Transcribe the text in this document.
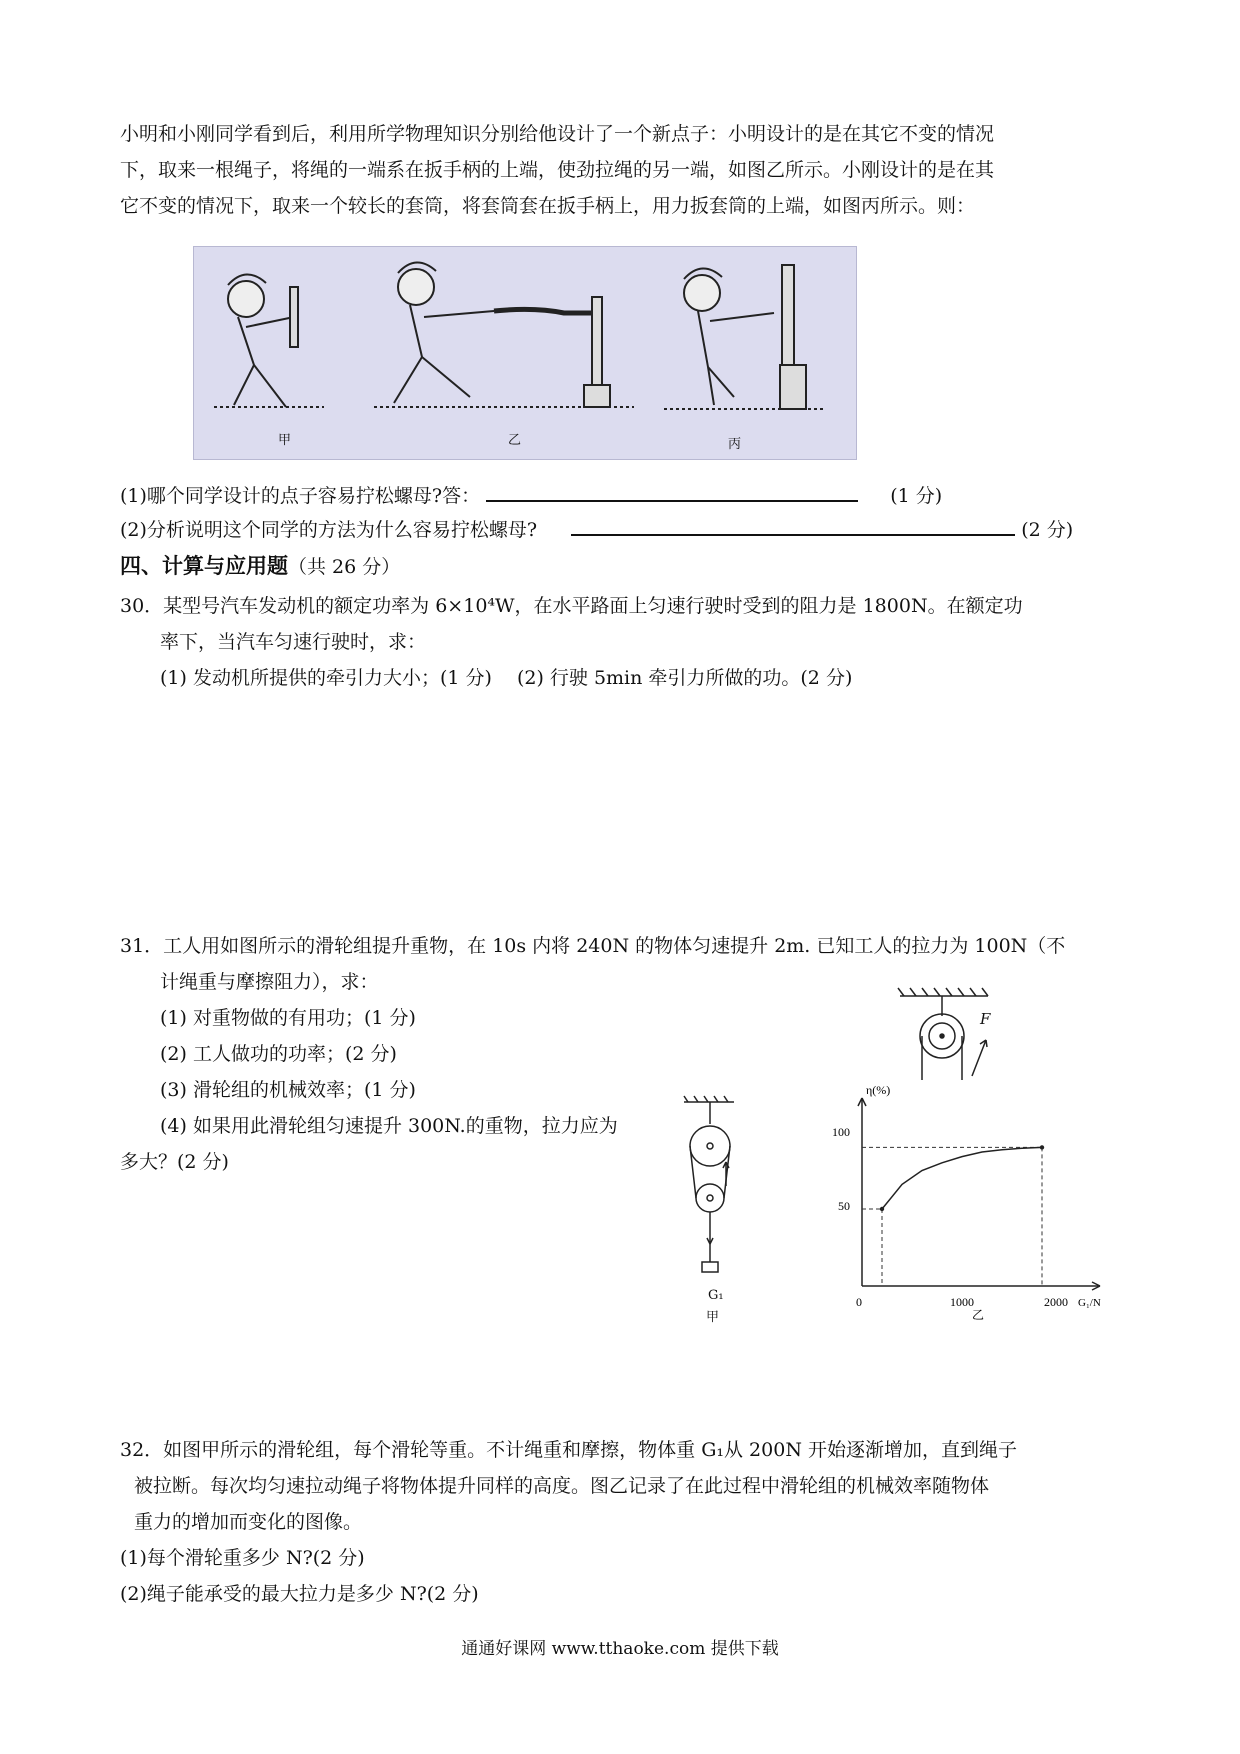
小明和小刚同学看到后，利用所学物理知识分别给他设计了一个新点子：小明设计的是在其它不变的情况

下，取来一根绳子，将绳的一端系在扳手柄的上端，使劲拉绳的另一端，如图乙所示。小刚设计的是在其

它不变的情况下，取来一个较长的套筒，将套筒套在扳手柄上，用力扳套筒的上端，如图丙所示。则：

甲	乙	丙

(1)哪个同学设计的点子容易拧松螺母?答：	(1 分)

(2)分析说明这个同学的方法为什么容易拧松螺母?	(2 分)

四、计算与应用题（共 26 分）

30．某型号汽车发动机的额定功率为 6×10⁴W，在水平路面上匀速行驶时受到的阻力是 1800N。在额定功

率下，当汽车匀速行驶时，求：

(1) 发动机所提供的牵引力大小；(1 分)　 (2) 行驶 5min 牵引力所做的功。(2 分)

31．工人用如图所示的滑轮组提升重物，在 10s 内将 240N 的物体匀速提升 2m. 已知工人的拉力为 100N（不

计绳重与摩擦阻力），求：

(1) 对重物做的有用功；(1 分)

(2) 工人做功的功率；(2 分)

(3) 滑轮组的机械效率；(1 分)

(4) 如果用此滑轮组匀速提升 300N.的重物，拉力应为

多大？(2 分)

F
G₁
甲
η(%)
100
50
0	1000	2000 G₁/N
乙

32．如图甲所示的滑轮组，每个滑轮等重。不计绳重和摩擦，物体重 G₁从 200N 开始逐渐增加，直到绳子

被拉断。每次均匀速拉动绳子将物体提升同样的高度。图乙记录了在此过程中滑轮组的机械效率随物体

重力的增加而变化的图像。

(1)每个滑轮重多少 N?(2 分)

(2)绳子能承受的最大拉力是多少 N?(2 分)

通通好课网 www.tthaoke.com 提供下载
